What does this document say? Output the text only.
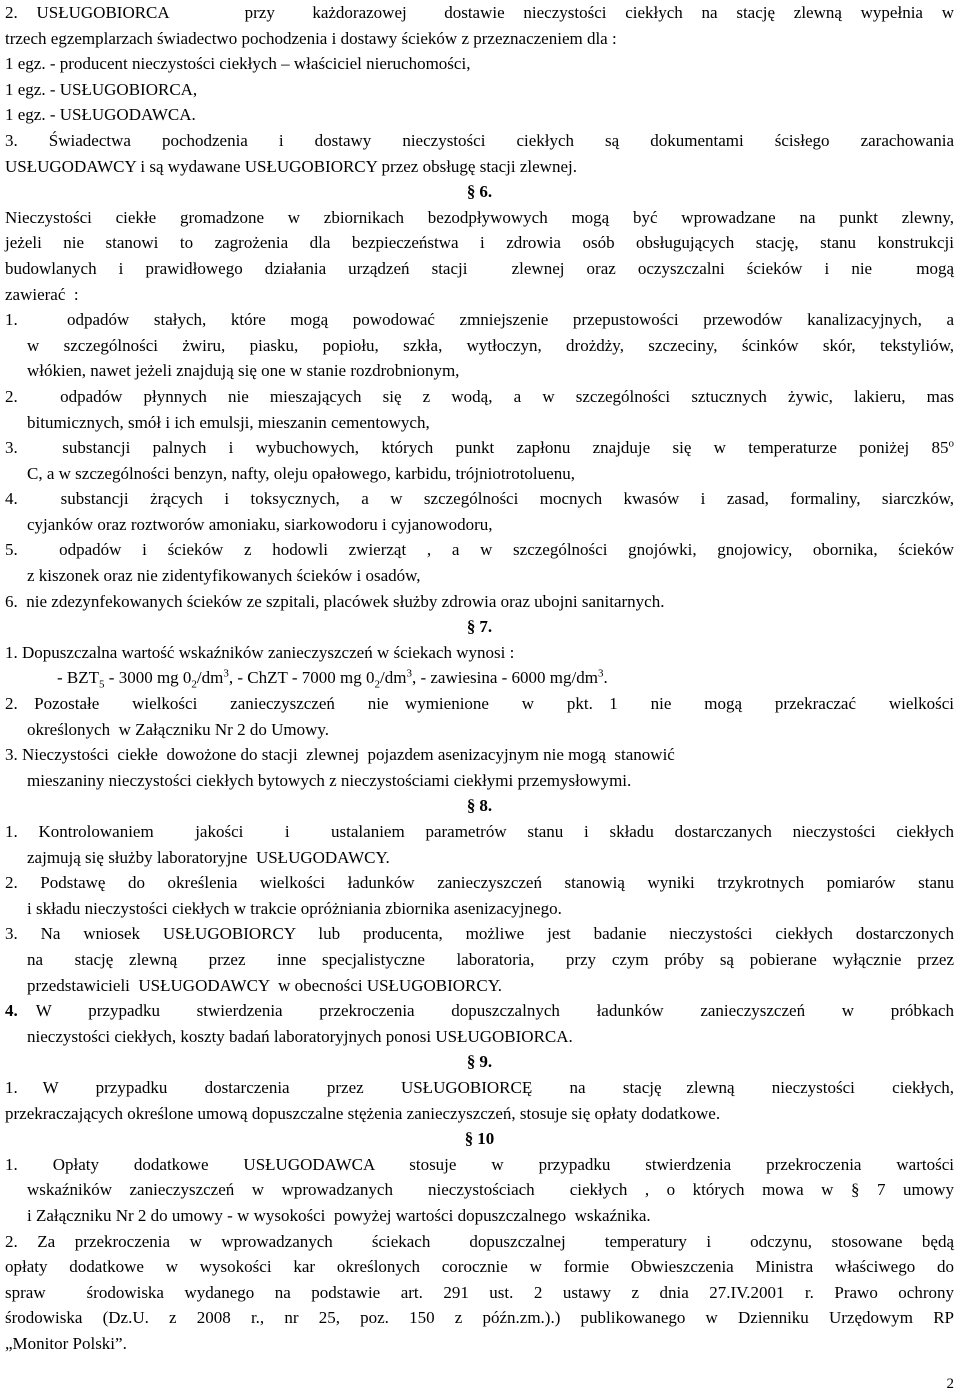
2. USŁUGOBIORCA    przy  każdorazowej  dostawie nieczystości ciekłych na stację zlewną wypełnia w
trzech egzemplarzach świadectwo pochodzenia i dostawy ścieków z przeznaczeniem dla :
1 egz. - producent nieczystości ciekłych – właściciel nieruchomości,
1 egz. - USŁUGOBIORCA,
1 egz. - USŁUGODAWCA.
3. Świadectwa pochodzenia i dostawy nieczystości ciekłych są dokumentami ścisłego zarachowania
USŁUGODAWCY i są wydawane USŁUGOBIORCY przez obsługę stacji zlewnej.
§ 6.
Nieczystości ciekłe gromadzone w zbiornikach bezodpływowych mogą być wprowadzane na punkt zlewny,
jeżeli nie stanowi to zagrożenia dla bezpieczeństwa i zdrowia osób obsługujących stację, stanu konstrukcji
budowlanych i prawidłowego działania urządzeń stacji  zlewnej oraz oczyszczalni ścieków i nie  mogą
zawierać  :
1.  odpadów stałych, które mogą powodować zmniejszenie przepustowości przewodów kanalizacyjnych, a
w szczególności żwiru, piasku, popiołu, szkła, wytłoczyn, drożdży, szczeciny, ścinków skór, tekstyliów,
włókien, nawet jeżeli znajdują się one w stanie rozdrobnionym,
2.  odpadów płynnych nie mieszających się z wodą, a w szczególności sztucznych żywic, lakieru, mas
bitumicznych, smół i ich emulsji, mieszanin cementowych,
3.  substancji palnych i wybuchowych, których punkt zapłonu znajduje się w temperaturze poniżej 85$^o$
C, a w szczególności benzyn, nafty, oleju opałowego, karbidu, trójniotrotoluenu,
4.  substancji żrących i toksycznych, a w szczególności mocnych kwasów i zasad, formaliny, siarczków,
cyjanków oraz roztworów amoniaku, siarkowodoru i cyjanowodoru,
5.  odpadów i ścieków z hodowli zwierząt , a w szczególności gnojówki, gnojowicy, obornika, ścieków
z kiszonek oraz nie zidentyfikowanych ścieków i osadów,
6.  nie zdezynfekowanych ścieków ze szpitali, placówek służby zdrowia oraz ubojni sanitarnych.
§ 7.
1. Dopuszczalna wartość wskaźników zanieczyszczeń w ściekach wynosi :
- $BZT_5 - 3000$ mg $0_2/dm^3$, - ChZT - 7000 mg $0_2/dm^3$, - zawiesina - 6000 $mg/dm^3$.
2. Pozostałe  wielkości  zanieczyszczeń  nie wymienione  w  pkt. 1  nie  mogą  przekraczać  wielkości
określonych  w Załączniku Nr 2 do Umowy.
3. Nieczystości  ciekłe  dowożone do stacji  zlewnej  pojazdem asenizacyjnym nie mogą  stanowić
mieszaniny nieczystości ciekłych bytowych z nieczystościami ciekłymi przemysłowymi.
§ 8.
1. Kontrolowaniem  jakości  i  ustalaniem parametrów stanu i składu dostarczanych nieczystości ciekłych
zajmują się służby laboratoryjne  USŁUGODAWCY.
2. Podstawę do określenia wielkości ładunków zanieczyszczeń stanowią wyniki trzykrotnych pomiarów stanu
i składu nieczystości ciekłych w trakcie opróżniania zbiornika asenizacyjnego.
3. Na wniosek USŁUGOBIORCY lub producenta, możliwe jest badanie nieczystości ciekłych dostarczonych
na  stację zlewną  przez  inne specjalistyczne  laboratoria,  przy czym próby są pobierane wyłącznie przez
przedstawicieli  USŁUGODAWCY  w obecności USŁUGOBIORCY.
4. W  przypadku  stwierdzenia  przekroczenia  dopuszczalnych  ładunków  zanieczyszczeń  w  próbkach
nieczystości ciekłych, koszty badań laboratoryjnych ponosi USŁUGOBIORCA.
§ 9.
1.  W   przypadku   dostarczenia   przez   USŁUGOBIORCĘ   na   stację  zlewną   nieczystości   ciekłych,
przekraczających określone umową dopuszczalne stężenia zanieczyszczeń, stosuje się opłaty dodatkowe.
§ 10
1.  Opłaty  dodatkowe  USŁUGODAWCA  stosuje  w  przypadku  stwierdzenia  przekroczenia  wartości
wskaźników zanieczyszczeń w wprowadzanych  nieczystościach  ciekłych , o których mowa w § 7 umowy
i Załączniku Nr 2 do umowy - w wysokości  powyżej wartości dopuszczalnego  wskaźnika.
2. Za przekroczenia w wprowadzanych  ściekach  dopuszczalnej  temperatury i  odczynu, stosowane będą
opłaty dodatkowe w wysokości kar określonych corocznie w formie Obwieszczenia Ministra właściwego do
spraw  środowiska wydanego na podstawie art. 291 ust. 2 ustawy z dnia 27.IV.2001 r. Prawo ochrony
środowiska (Dz.U. z 2008 r., nr 25, poz. 150 z późn.zm.).) publikowanego w Dzienniku Urzędowym RP
„Monitor Polski”.
2
